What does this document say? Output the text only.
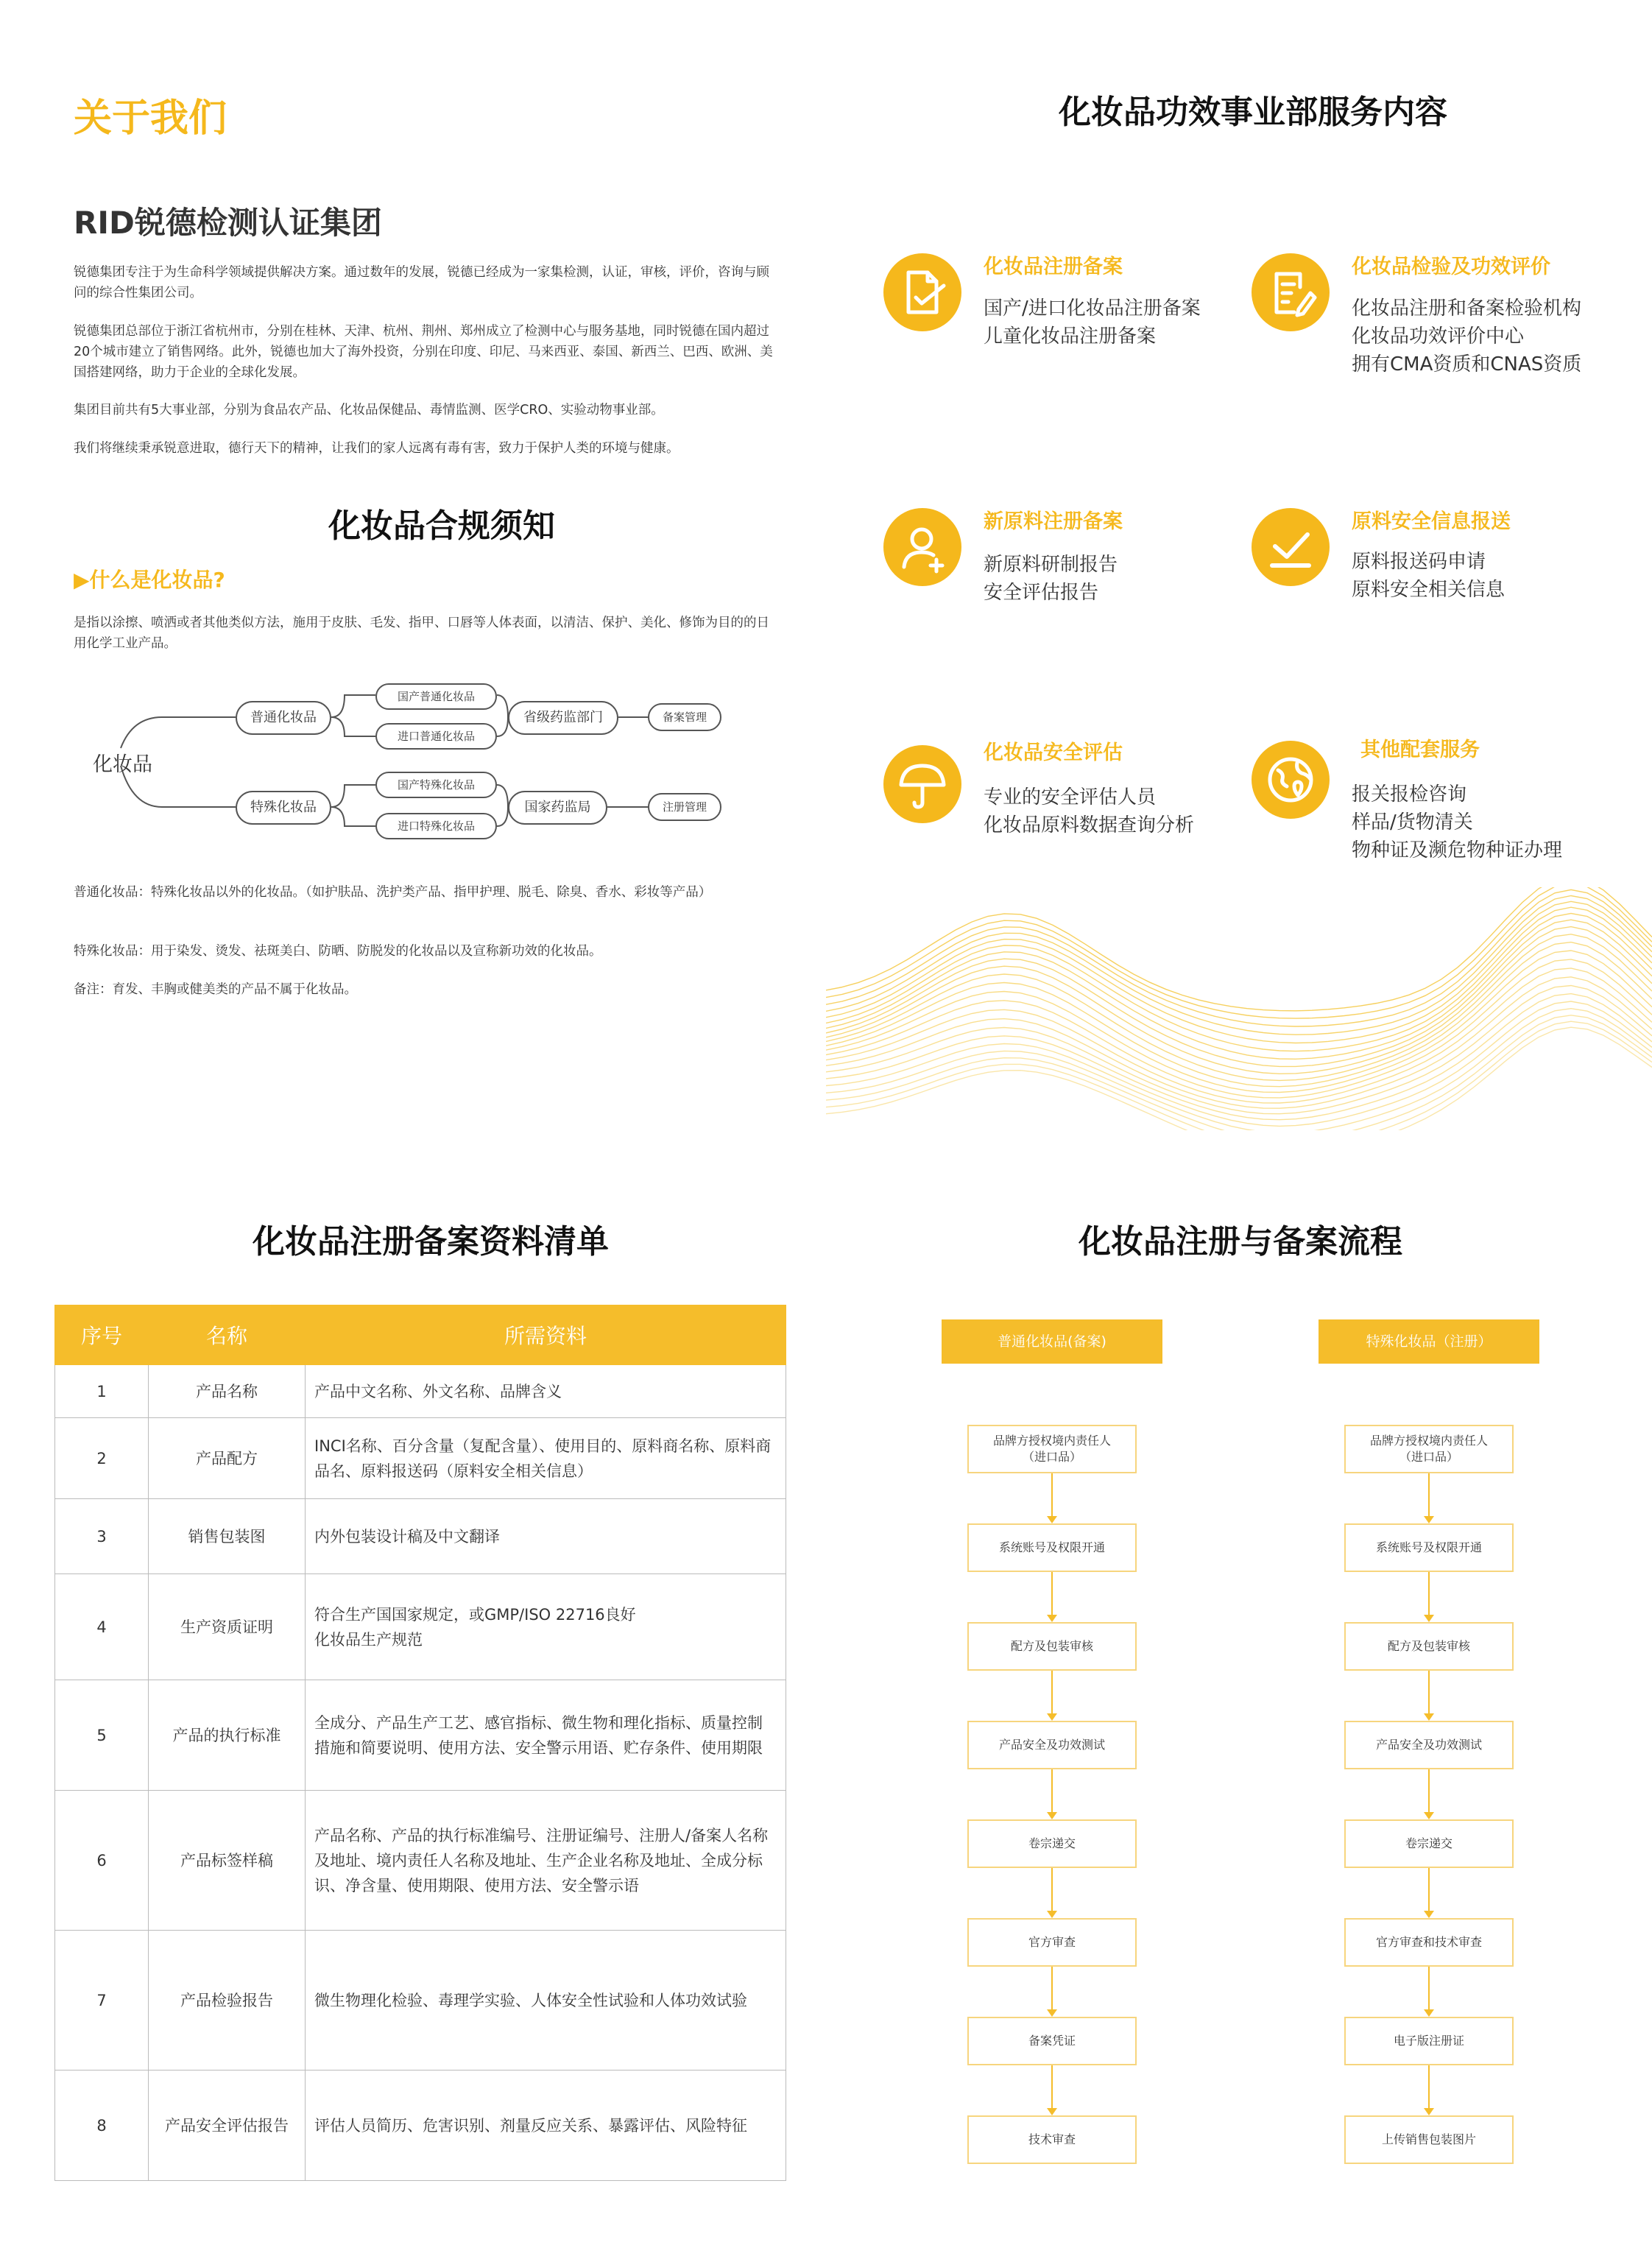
关于我们
RID锐德检测认证集团
锐德集团专注于为生命科学领域提供解决方案。通过数年的发展，锐德已经成为一家集检测，认证，审核，评价，咨询与顾问的综合性集团公司。
锐德集团总部位于浙江省杭州市，分别在桂林、天津、杭州、荆州、郑州成立了检测中心与服务基地，同时锐德在国内超过20个城市建立了销售网络。此外，锐德也加大了海外投资，分别在印度、印尼、马来西亚、泰国、新西兰、巴西、欧洲、美国搭建网络，助力于企业的全球化发展。
集团目前共有5大事业部，分别为食品农产品、化妆品保健品、毒情监测、医学CRO、实验动物事业部。
我们将继续秉承锐意进取，德行天下的精神，让我们的家人远离有毒有害，致力于保护人类的环境与健康。
化妆品合规须知
▶什么是化妆品?
是指以涂擦、喷洒或者其他类似方法，施用于皮肤、毛发、指甲、口唇等人体表面，以清洁、保护、美化、修饰为目的的日用化学工业产品。
化妆品
普通化妆品
特殊化妆品
国产普通化妆品
进口普通化妆品
国产特殊化妆品
进口特殊化妆品
省级药监部门
国家药监局
备案管理
注册管理
普通化妆品：特殊化妆品以外的化妆品。（如护肤品、洗护类产品、指甲护理、脱毛、除臭、香水、彩妆等产品）
特殊化妆品：用于染发、烫发、祛斑美白、防晒、防脱发的化妆品以及宣称新功效的化妆品。
备注：育发、丰胸或健美类的产品不属于化妆品。
化妆品功效事业部服务内容
化妆品注册备案
国产/进口化妆品注册备案
儿童化妆品注册备案
化妆品检验及功效评价
化妆品注册和备案检验机构
化妆品功效评价中心
拥有CMA资质和CNAS资质
新原料注册备案
新原料研制报告
安全评估报告
原料安全信息报送
原料报送码申请
原料安全相关信息
化妆品安全评估
专业的安全评估人员
化妆品原料数据查询分析
其他配套服务
报关报检咨询
样品/货物清关
物种证及濒危物种证办理
化妆品注册备案资料清单
序号	名称	所需资料
1	产品名称	产品中文名称、外文名称、品牌含义
2	产品配方	INCI名称、百分含量（复配含量）、使用目的、原料商名称、原料商品名、原料报送码（原料安全相关信息）
3	销售包装图	内外包装设计稿及中文翻译
4	生产资质证明	符合生产国国家规定，或GMP/ISO 22716良好化妆品生产规范
5	产品的执行标准	全成分、产品生产工艺、感官指标、微生物和理化指标、质量控制措施和简要说明、使用方法、安全警示用语、贮存条件、使用期限
6	产品标签样稿	产品名称、产品的执行标准编号、注册证编号、注册人/备案人名称及地址、境内责任人名称及地址、生产企业名称及地址、全成分标识、净含量、使用期限、使用方法、安全警示语
7	产品检验报告	微生物理化检验、毒理学实验、人体安全性试验和人体功效试验
8	产品安全评估报告	评估人员简历、危害识别、剂量反应关系、暴露评估、风险特征
化妆品注册与备案流程
普通化妆品(备案)
品牌方授权境内责任人
（进口品）
系统账号及权限开通
配方及包装审核
产品安全及功效测试
卷宗递交
官方审查
备案凭证
技术审查
特殊化妆品（注册）
品牌方授权境内责任人
（进口品）
系统账号及权限开通
配方及包装审核
产品安全及功效测试
卷宗递交
官方审查和技术审查
电子版注册证
上传销售包装图片
